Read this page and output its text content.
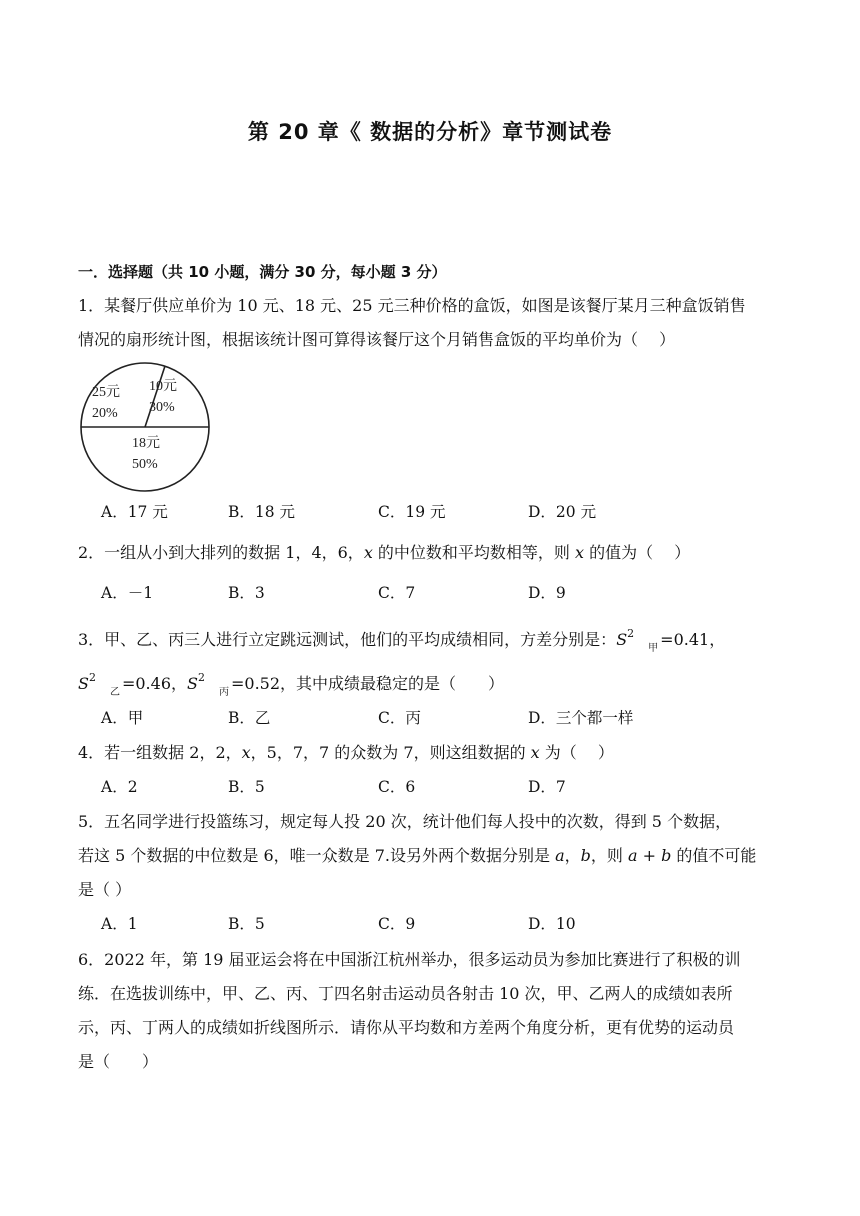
第 20 章《 数据的分析》章节测试卷
一．选择题（共 10 小题，满分 30 分，每小题 3 分）
1．某餐厅供应单价为 10 元、18 元、25 元三种价格的盒饭，如图是该餐厅某月三种盒饭销售
情况的扇形统计图，根据该统计图可算得该餐厅这个月销售盒饭的平均单价为（　 ）
25元
20%
10元
30%
18元
50%
A．17 元	B．18 元	C．19 元	D．20 元
2．一组从小到大排列的数据 1，4，6，x 的中位数和平均数相等，则 x 的值为（　 ）
A．－1	B．3	C．7	D．9
3．甲、乙、丙三人进行立定跳远测试，他们的平均成绩相同，方差分别是：$S^2_甲 =0.41$，
$S^2_乙 =0.46$，$S^2_丙 =0.52$，其中成绩最稳定的是（　　）
A．甲	B．乙	C．丙	D．三个都一样
4．若一组数据 2，2，x，5，7，7 的众数为 7，则这组数据的 x 为（　 ）
A．2	B．5	C．6	D．7
5．五名同学进行投篮练习，规定每人投 20 次，统计他们每人投中的次数，得到 5 个数据，
若这 5 个数据的中位数是 6，唯一众数是 7.设另外两个数据分别是 a，b，则 a + b 的值不可能
是（ ）
A．1	B．5	C．9	D．10
6．2022 年，第 19 届亚运会将在中国浙江杭州举办，很多运动员为参加比赛进行了积极的训
练．在选拔训练中，甲、乙、丙、丁四名射击运动员各射击 10 次，甲、乙两人的成绩如表所
示，丙、丁两人的成绩如折线图所示．请你从平均数和方差两个角度分析，更有优势的运动员
是（　　）
